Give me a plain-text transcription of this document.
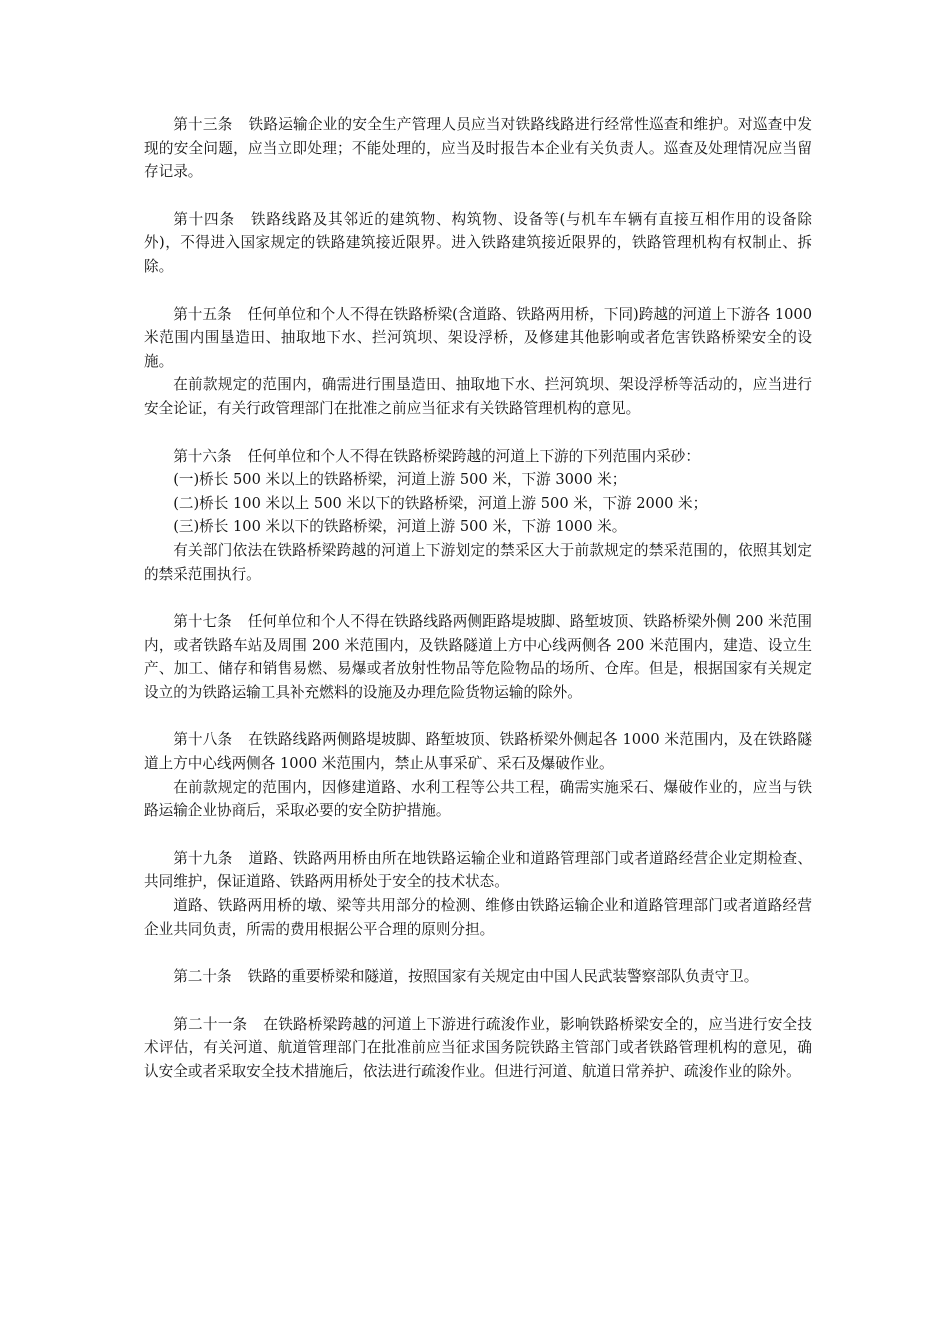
第十三条 铁路运输企业的安全生产管理人员应当对铁路线路进行经常性巡查和维护。对巡查中发现的安全问题，应当立即处理；不能处理的，应当及时报告本企业有关负责人。巡查及处理情况应当留存记录。

第十四条 铁路线路及其邻近的建筑物、构筑物、设备等(与机车车辆有直接互相作用的设备除外)，不得进入国家规定的铁路建筑接近限界。进入铁路建筑接近限界的，铁路管理机构有权制止、拆除。

第十五条 任何单位和个人不得在铁路桥梁(含道路、铁路两用桥，下同)跨越的河道上下游各 1000 米范围内围垦造田、抽取地下水、拦河筑坝、架设浮桥，及修建其他影响或者危害铁路桥梁安全的设施。

在前款规定的范围内，确需进行围垦造田、抽取地下水、拦河筑坝、架设浮桥等活动的，应当进行安全论证，有关行政管理部门在批准之前应当征求有关铁路管理机构的意见。

第十六条 任何单位和个人不得在铁路桥梁跨越的河道上下游的下列范围内采砂：

(一)桥长 500 米以上的铁路桥梁，河道上游 500 米，下游 3000 米；

(二)桥长 100 米以上 500 米以下的铁路桥梁，河道上游 500 米，下游 2000 米；

(三)桥长 100 米以下的铁路桥梁，河道上游 500 米，下游 1000 米。

有关部门依法在铁路桥梁跨越的河道上下游划定的禁采区大于前款规定的禁采范围的，依照其划定的禁采范围执行。

第十七条 任何单位和个人不得在铁路线路两侧距路堤坡脚、路堑坡顶、铁路桥梁外侧 200 米范围内，或者铁路车站及周围 200 米范围内，及铁路隧道上方中心线两侧各 200 米范围内，建造、设立生产、加工、储存和销售易燃、易爆或者放射性物品等危险物品的场所、仓库。但是，根据国家有关规定设立的为铁路运输工具补充燃料的设施及办理危险货物运输的除外。

第十八条 在铁路线路两侧路堤坡脚、路堑坡顶、铁路桥梁外侧起各 1000 米范围内，及在铁路隧道上方中心线两侧各 1000 米范围内，禁止从事采矿、采石及爆破作业。

在前款规定的范围内，因修建道路、水利工程等公共工程，确需实施采石、爆破作业的，应当与铁路运输企业协商后，采取必要的安全防护措施。

第十九条 道路、铁路两用桥由所在地铁路运输企业和道路管理部门或者道路经营企业定期检查、共同维护，保证道路、铁路两用桥处于安全的技术状态。

道路、铁路两用桥的墩、梁等共用部分的检测、维修由铁路运输企业和道路管理部门或者道路经营企业共同负责，所需的费用根据公平合理的原则分担。

第二十条 铁路的重要桥梁和隧道，按照国家有关规定由中国人民武装警察部队负责守卫。

第二十一条 在铁路桥梁跨越的河道上下游进行疏浚作业，影响铁路桥梁安全的，应当进行安全技术评估，有关河道、航道管理部门在批准前应当征求国务院铁路主管部门或者铁路管理机构的意见，确认安全或者采取安全技术措施后，依法进行疏浚作业。但进行河道、航道日常养护、疏浚作业的除外。
